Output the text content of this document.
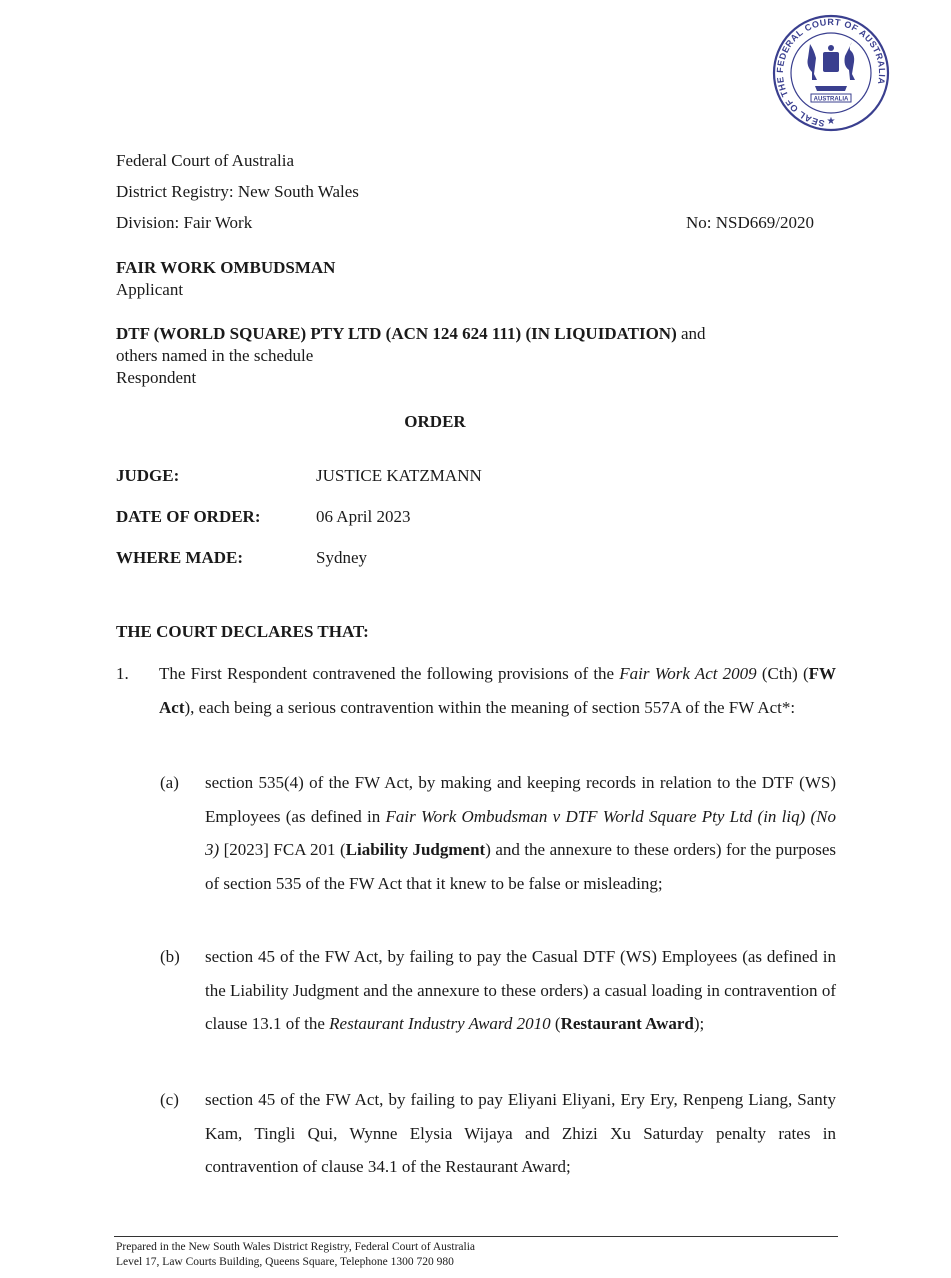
SEAL OF THE FEDERAL COURT OF AUSTRALIA
AUSTRALIA
★
Federal Court of Australia
District Registry: New South Wales
Division: Fair Work	No: NSD669/2020
FAIR WORK OMBUDSMAN
Applicant
DTF (WORLD SQUARE) PTY LTD (ACN 124 624 111) (IN LIQUIDATION) and
others named in the schedule
Respondent
ORDER
JUDGE:	JUSTICE KATZMANN
DATE OF ORDER:	06 April 2023
WHERE MADE:	Sydney
THE COURT DECLARES THAT:
1. The First Respondent contravened the following provisions of the Fair Work Act 2009 (Cth) (FW Act), each being a serious contravention within the meaning of section 557A of the FW Act*:
(a) section 535(4) of the FW Act, by making and keeping records in relation to the DTF (WS) Employees (as defined in Fair Work Ombudsman v DTF World Square Pty Ltd (in liq) (No 3) [2023] FCA 201 (Liability Judgment) and the annexure to these orders) for the purposes of section 535 of the FW Act that it knew to be false or misleading;
(b) section 45 of the FW Act, by failing to pay the Casual DTF (WS) Employees (as defined in the Liability Judgment and the annexure to these orders) a casual loading in contravention of clause 13.1 of the Restaurant Industry Award 2010 (Restaurant Award);
(c) section 45 of the FW Act, by failing to pay Eliyani Eliyani, Ery Ery, Renpeng Liang, Santy Kam, Tingli Qui, Wynne Elysia Wijaya and Zhizi Xu Saturday penalty rates in contravention of clause 34.1 of the Restaurant Award;
Prepared in the New South Wales District Registry, Federal Court of Australia
Level 17, Law Courts Building, Queens Square, Telephone 1300 720 980
